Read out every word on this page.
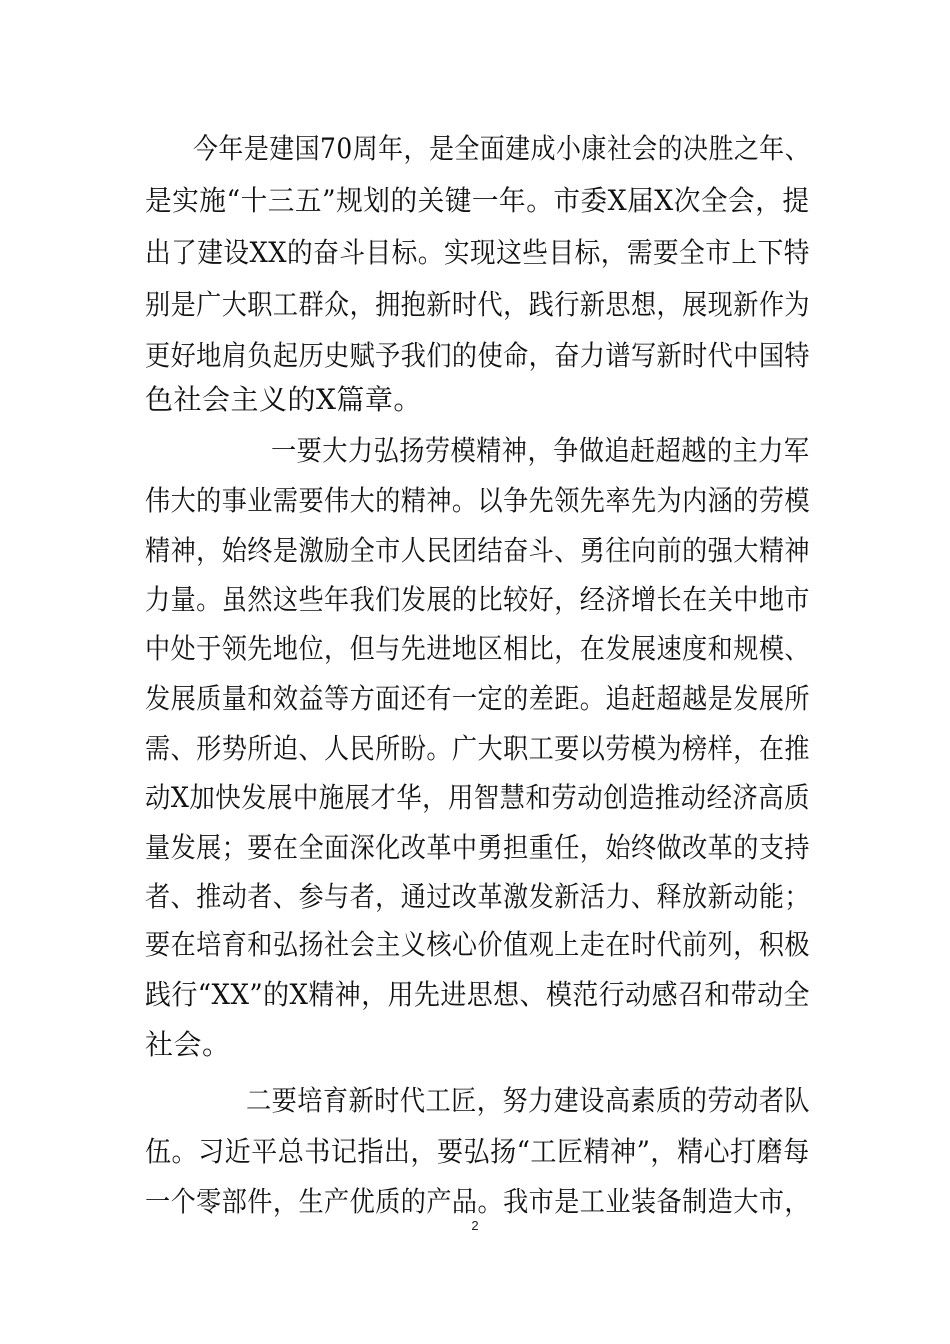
今年是建国70周年，是全面建成小康社会的决胜之年、
是实施“十三五”规划的关键一年。市委X届X次全会，提
出了建设XX的奋斗目标。实现这些目标，需要全市上下特
别是广大职工群众，拥抱新时代，践行新思想，展现新作为
更好地肩负起历史赋予我们的使命，奋力谱写新时代中国特
色社会主义的X篇章。
一要大力弘扬劳模精神，争做追赶超越的主力军
伟大的事业需要伟大的精神。以争先领先率先为内涵的劳模
精神，始终是激励全市人民团结奋斗、勇往向前的强大精神
力量。虽然这些年我们发展的比较好，经济增长在关中地市
中处于领先地位，但与先进地区相比，在发展速度和规模、
发展质量和效益等方面还有一定的差距。追赶超越是发展所
需、形势所迫、人民所盼。广大职工要以劳模为榜样，在推
动X加快发展中施展才华，用智慧和劳动创造推动经济高质
量发展；要在全面深化改革中勇担重任，始终做改革的支持
者、推动者、参与者，通过改革激发新活力、释放新动能；
要在培育和弘扬社会主义核心价值观上走在时代前列，积极
践行“XX”的X精神，用先进思想、模范行动感召和带动全
社会。
二要培育新时代工匠，努力建设高素质的劳动者队
伍。习近平总书记指出，要弘扬“工匠精神”，精心打磨每
一个零部件，生产优质的产品。我市是工业装备制造大市，
2
